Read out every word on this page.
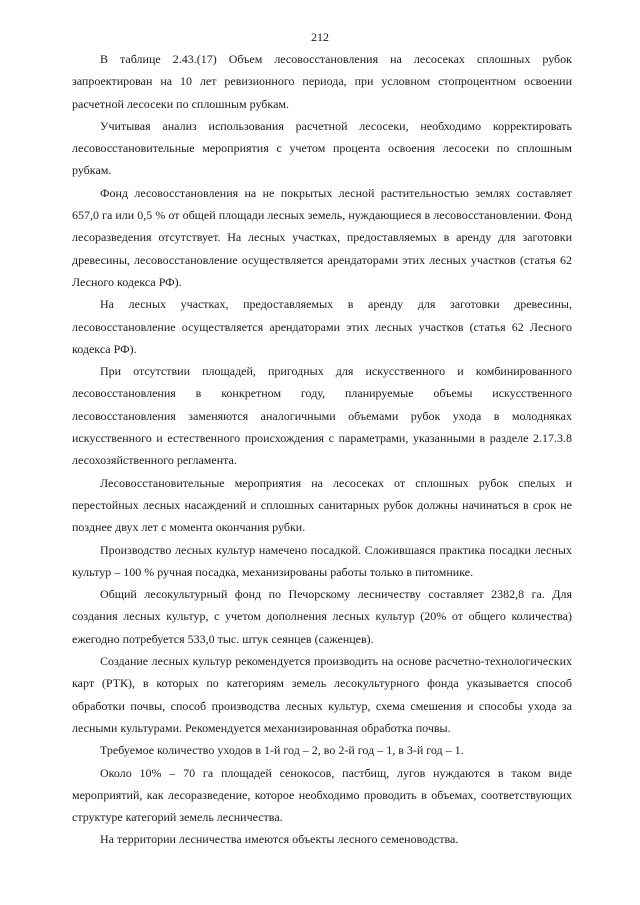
212

В таблице 2.43.(17) Объем лесовосстановления на лесосеках сплошных рубок запроектирован на 10 лет ревизионного периода, при условном стопроцентном освоении расчетной лесосеки по сплошным рубкам.

Учитывая анализ использования расчетной лесосеки, необходимо корректировать лесовосстановительные мероприятия с учетом процента освоения лесосеки по сплошным рубкам.

Фонд лесовосстановления на не покрытых лесной растительностью землях составляет 657,0 га или 0,5 % от общей площади лесных земель, нуждающиеся в лесовосстановлении. Фонд лесоразведения отсутствует. На лесных участках, предоставляемых в аренду для заготовки древесины, лесовосстановление осуществляется арендаторами этих лесных участков (статья 62 Лесного кодекса РФ).

На лесных участках, предоставляемых в аренду для заготовки древесины, лесовосстановление осуществляется арендаторами этих лесных участков (статья 62 Лесного кодекса РФ).

При отсутствии площадей, пригодных для искусственного и комбинированного лесовосстановления в конкретном году, планируемые объемы искусственного лесовосстановления заменяются аналогичными объемами рубок ухода в молодняках искусственного и естественного происхождения с параметрами, указанными в разделе 2.17.3.8 лесохозяйственного регламента.

Лесовосстановительные мероприятия на лесосеках от сплошных рубок спелых и перестойных лесных насаждений и сплошных санитарных рубок должны начинаться в срок не позднее двух лет с момента окончания рубки.

Производство лесных культур намечено посадкой. Сложившаяся практика посадки лесных культур – 100 % ручная посадка, механизированы работы только в питомнике.

Общий лесокультурный фонд по Печорскому лесничеству составляет 2382,8 га. Для создания лесных культур, с учетом дополнения лесных культур (20% от общего количества) ежегодно потребуется 533,0 тыс. штук сеянцев (саженцев).

Создание лесных культур рекомендуется производить на основе расчетно-технологических карт (РТК), в которых по категориям земель лесокультурного фонда указывается способ обработки почвы, способ производства лесных культур, схема смешения и способы ухода за лесными культурами. Рекомендуется механизированная обработка почвы.

Требуемое количество уходов в 1-й год – 2, во 2-й год – 1, в 3-й год – 1.

Около 10% – 70 га площадей сенокосов, пастбищ, лугов нуждаются в таком виде мероприятий, как лесоразведение, которое необходимо проводить в объемах, соответствующих структуре категорий земель лесничества.

На территории лесничества имеются объекты лесного семеноводства.
